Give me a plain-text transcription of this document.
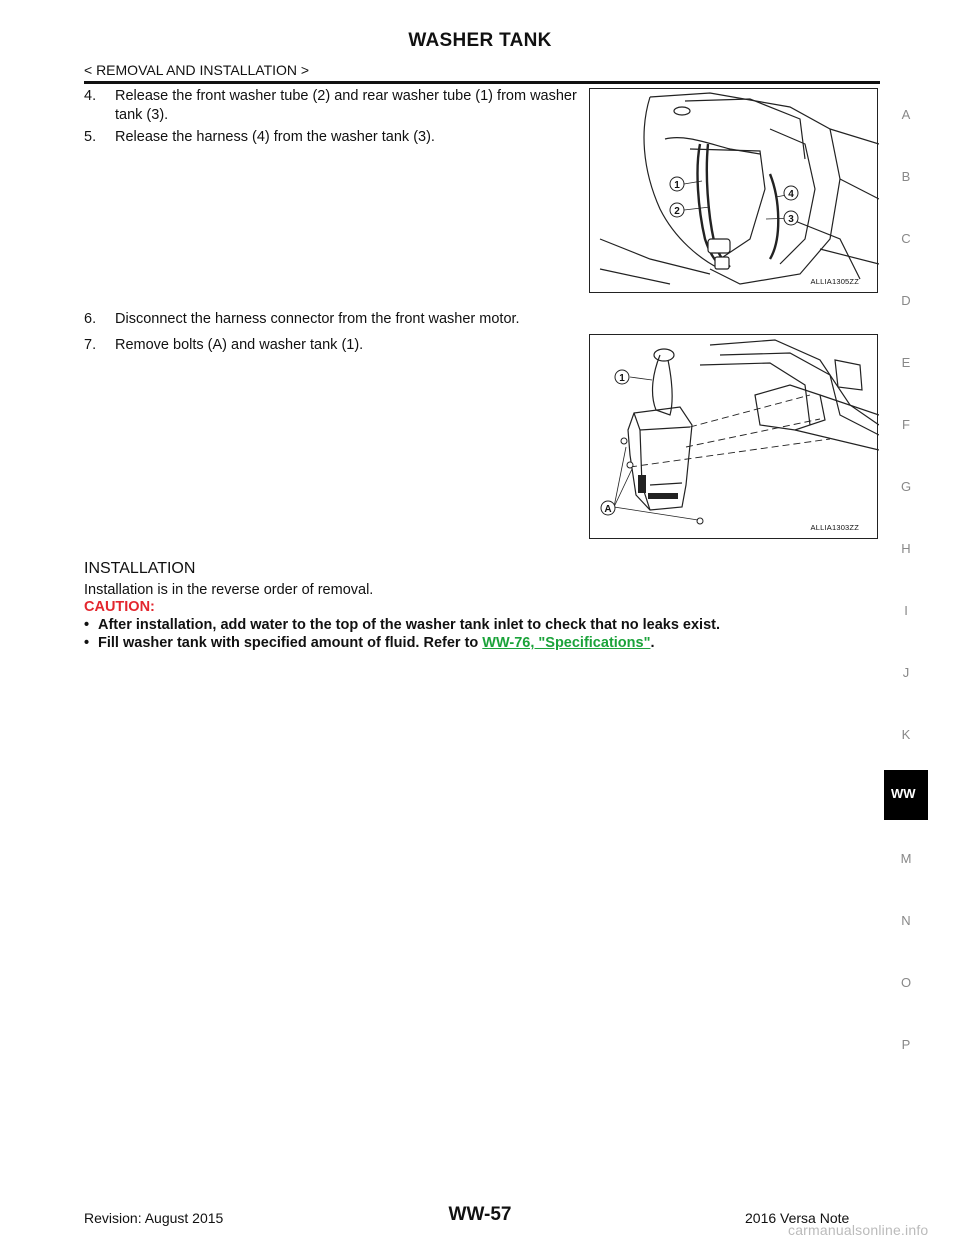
WASHER TANK
< REMOVAL AND INSTALLATION >
4.	Release the front washer tube (2) and rear washer tube (1) from washer tank (3).
5.	Release the harness (4) from the washer tank (3).
6.	Disconnect the harness connector from the front washer motor.
7.	Remove bolts (A) and washer tank (1).
1
2
3
4
ALLIA1305ZZ
1
A
ALLIA1303ZZ
INSTALLATION
Installation is in the reverse order of removal.
CAUTION:
• After installation, add water to the top of the washer tank inlet to check that no leaks exist.
• Fill washer tank with specified amount of fluid. Refer to WW-76, "Specifications".
A
B
C
D
E
F
G
H
I
J
K
WW
M
N
O
P
Revision: August 2015	WW-57	2016 Versa Note
carmanualsonline.info
